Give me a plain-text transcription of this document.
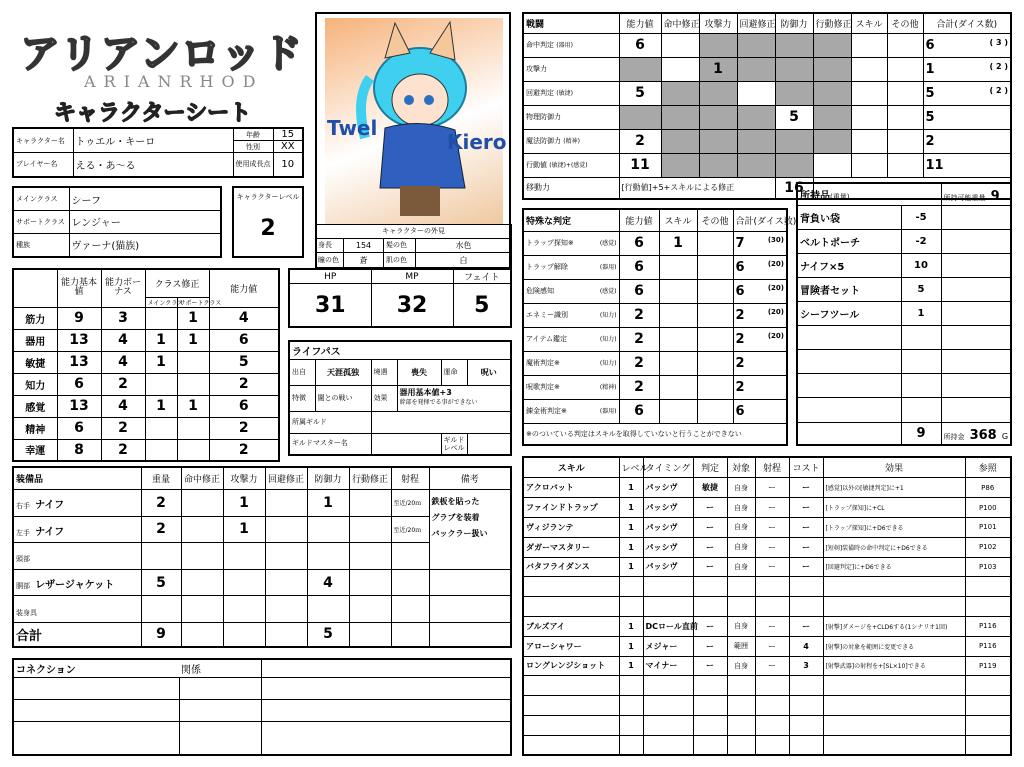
アリアンロッド
ARIANRHOD
キャラクターシート
キャラクター名	トゥエル・キーロ	年齢	15
		性別	XX
プレイヤー名	える・あ～る	使用成長点	10
メインクラス	シーフ
サポートクラス	レンジャー
種族	ヴァーナ(猫族)
キャラクターレベル
2
Twel
Kiero
キャラクターの外見			
身長	154	髪の色	水色
瞳の色	蒼	肌の色	白
	能力基本値	能力ボーナス	クラス修正		能力値
			メインクラス	サポートクラス	
筋力	9	3		1	4
器用	13	4	1	1	6
敏捷	13	4	1		5
知力	6	2			2
感覚	13	4	1	1	6
精神	6	2			2
幸運	8	2			2
HP	MP	フェイト
31	32	5
ライフパス					
出自	天涯孤独	境遇	喪失	運命	呪い
特徴	闇との戦い	効果	器用基本値+3
幹部を発揮でる事ができない		

所属ギルド					
ギルドマスター名				ギルドレベル	
戦闘	能力値	命中修正	攻撃力	回避修正	防御力	行動修正	スキル	その他	合計(ダイス数)
命中判定 (器用)	6								6 ( 3 )

攻撃力			1						1 ( 2 )

回避判定 (敏捷)	5								5 ( 2 )

物理防御力					5				5

魔法防御力 (精神)	2								2

行動値 (敏捷)+(感覚)	11								11

移動力	[行動値]+5+スキルによる修正				16				
特殊な判定	能力値	スキル	その他	合計(ダイス数)
トラップ探知※ (感覚)	6	1		7 (30)

トラップ解除 (器用)	6			6 (20)

危険感知 (感覚)	6			6 (20)

エネミー識別 (知力)	2			2 (20)

アイテム鑑定 (知力)	2			2 (20)

魔術判定※ (知力)	2			2

呪歌判定※ (精神)	2			2

錬金術判定※ (器用)	6			6

※のついている判定はスキルを取得していないと行うことができない				
所持品(重量)		所持可能重量 9
背負い袋	-5	
ベルトポーチ	-2	
ナイフ×5	10	
冒険者セット	5	
シーフツール	1	

	9	所持金 368 G
装備品	重量	命中修正	攻撃力	回避修正	防御力	行動修正	射程	備考
右手 ナイフ	2		1		1		至近/20ｍ	鉄板を貼った
グラブを装着
バックラー扱い

左手 ナイフ	2		1				至近/20ｍ	
頭部								
胴部 レザージャケット	5				4			
装身具								
合計	9				5			
コネクション	関係	

スキル	レベル	タイミング	判定	対象	射程	コスト	効果	参照
アクロバット	1	パッシヴ	敏捷	自身	ー	ー	[感覚]以外の[敏捷判定]に+1	P86
ファインドトラップ	1	パッシヴ	ー	自身	ー	ー	[トラップ探知]に+CL	P100
ヴィジランテ	1	パッシヴ	ー	自身	ー	ー	[トラップ探知]に+D6できる	P101
ダガーマスタリー	1	パッシヴ	ー	自身	ー	ー	[短剣]装備時の命中判定に+D6できる	P102
バタフライダンス	1	パッシヴ	ー	自身	ー	ー	[回避判定]に+D6できる	P103

ブルズアイ	1	DCロール直前	ー	自身	ー	ー	[射撃]ダメージを+CLD6する(1シナリオ1回)	P116
アローシャワー	1	メジャー	ー	範囲	ー	4	[射撃]の対象を範囲に変更できる	P116
ロングレンジショット	1	マイナー	ー	自身	ー	3	[射撃武器]の射程を+[SL×10]できる	P119
